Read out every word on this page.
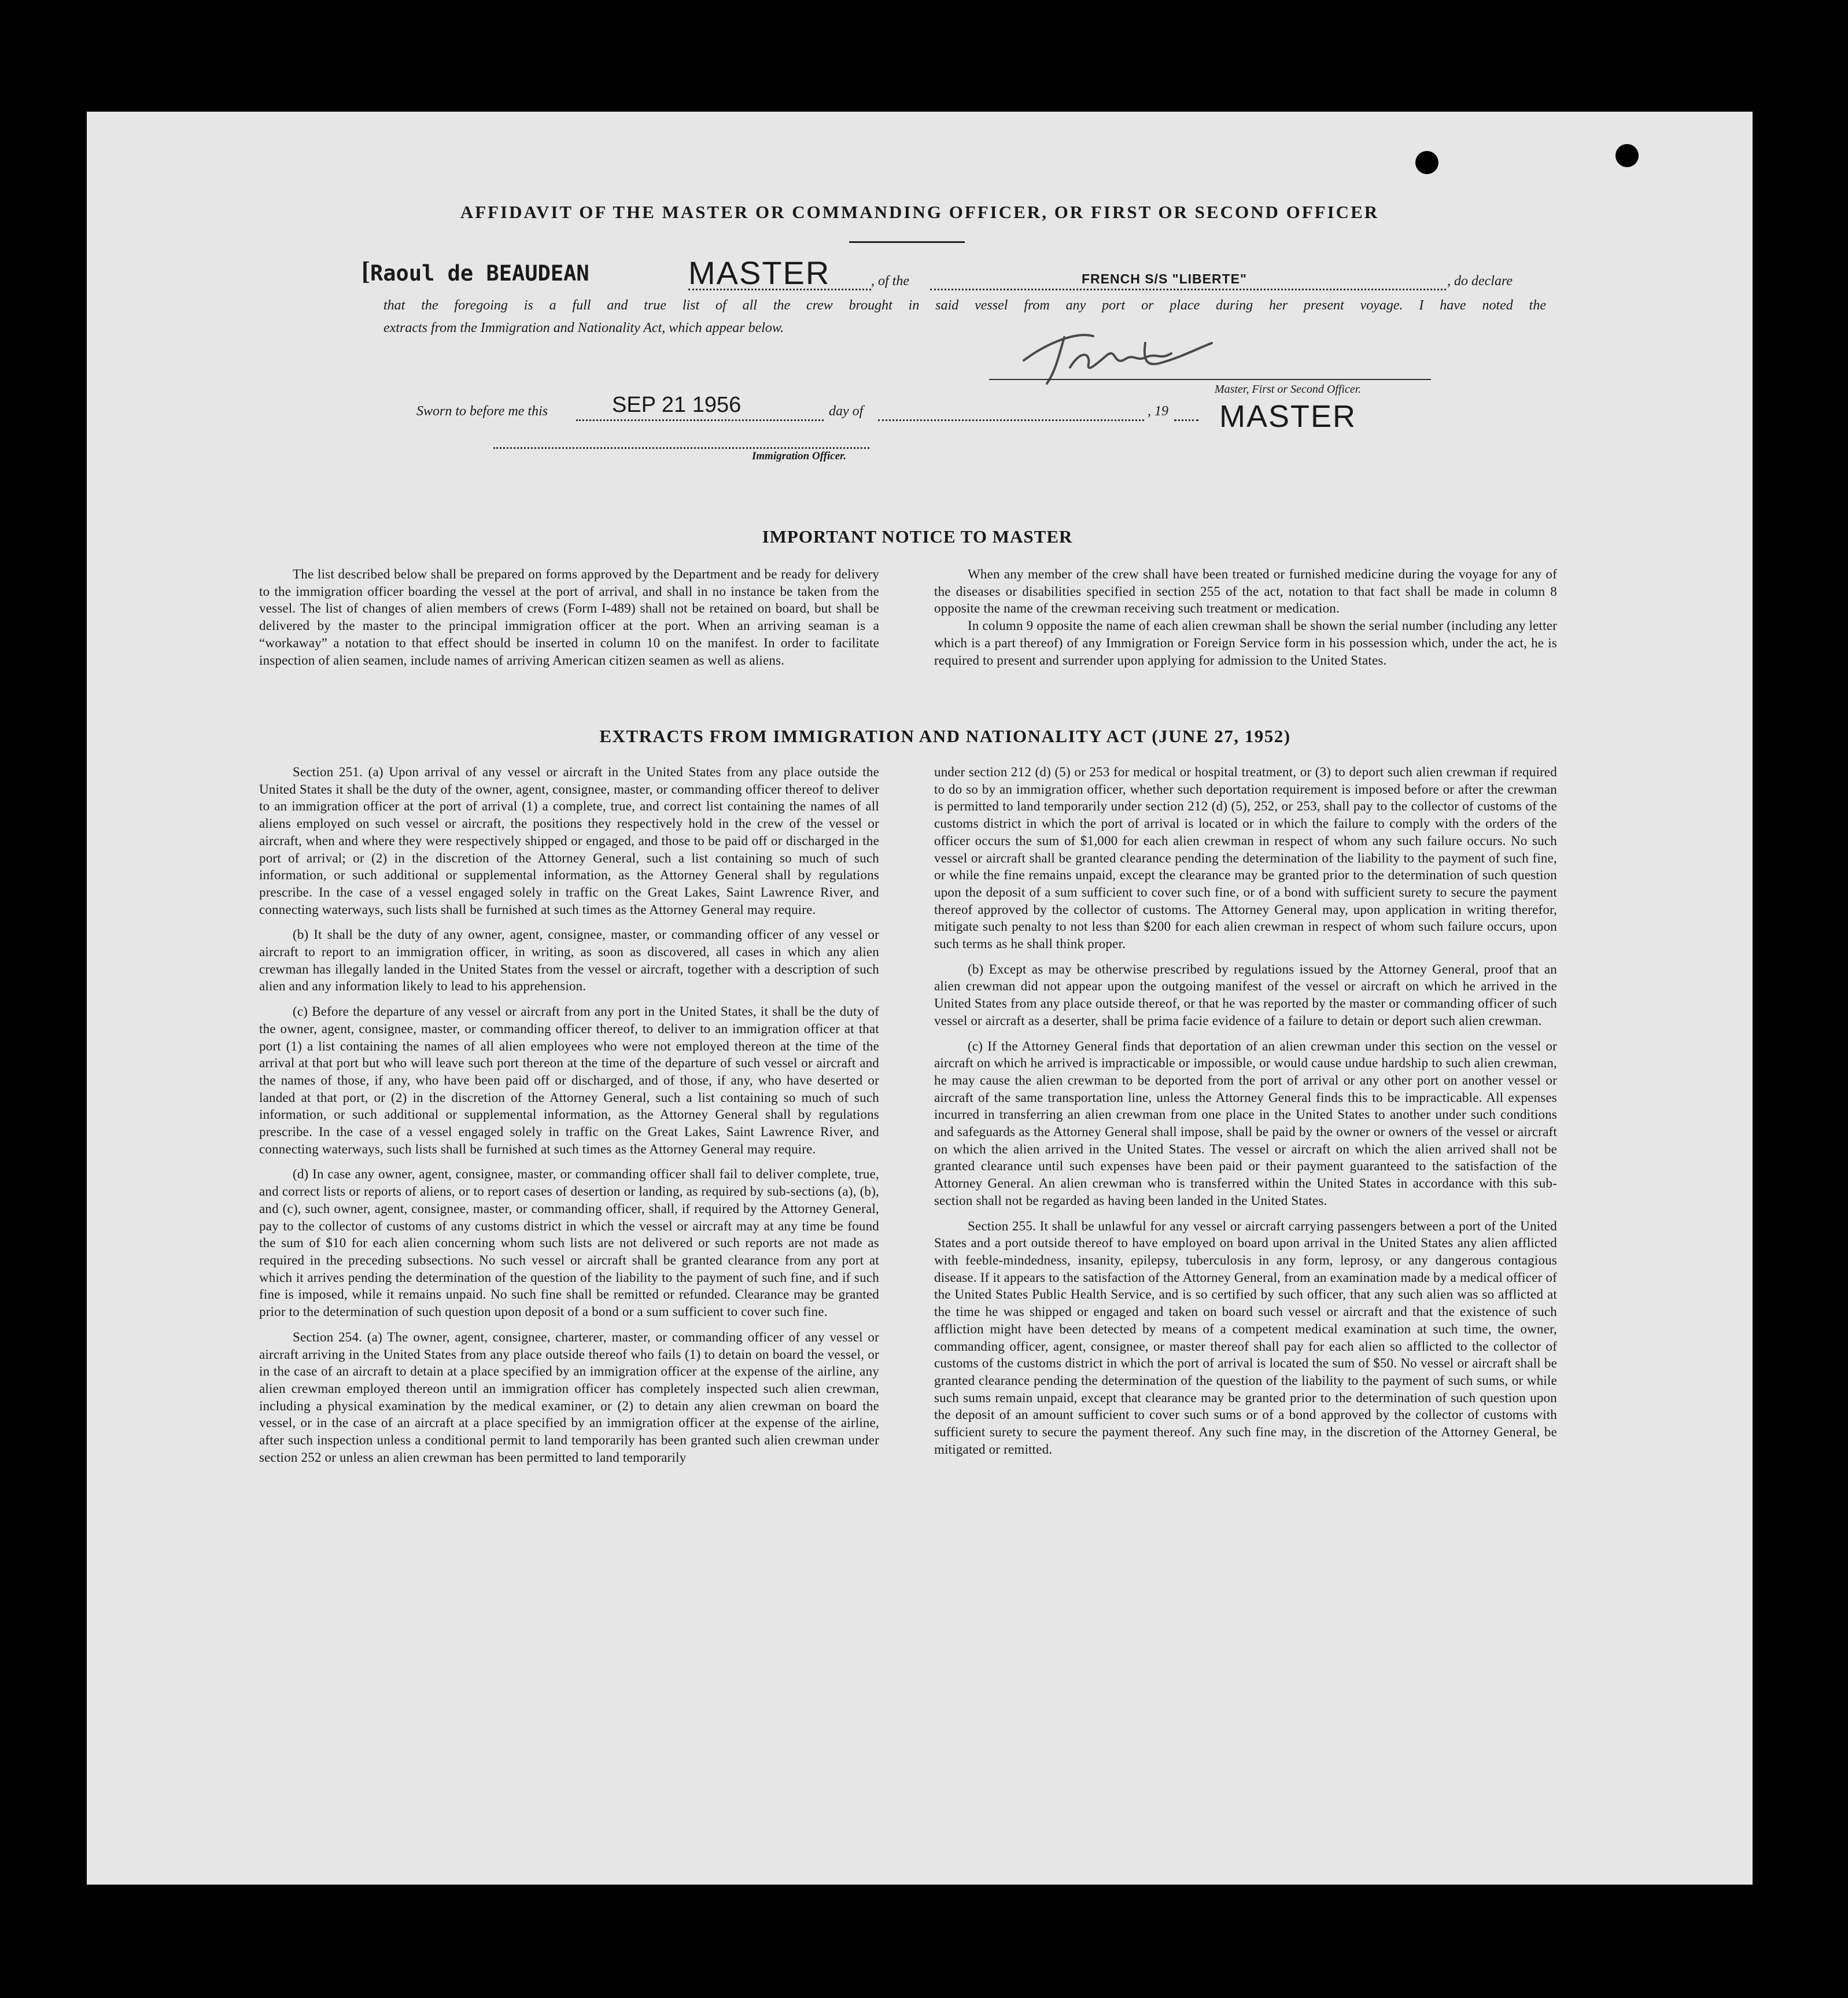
AFFIDAVIT OF THE MASTER OR COMMANDING OFFICER, OR FIRST OR SECOND OFFICER
[ Raoul de BEAUDEAN	MASTER	, of the	FRENCH S/S "LIBERTE"	, do declare
that the foregoing is a full and true list of all the crew brought in said vessel from any port or place during her present voyage. I have noted the
extracts from the Immigration and Nationality Act, which appear below.
Master, First or Second Officer.
MASTER
Sworn to before me this	SEP 21 1956	day of	, 19
Immigration Officer.
IMPORTANT NOTICE TO MASTER

The list described below shall be prepared on forms approved by the Department and be ready for delivery to the immigration officer boarding the vessel at the port of arrival, and shall in no instance be taken from the vessel. The list of changes of alien members of crews (Form I-489) shall not be retained on board, but shall be delivered by the master to the principal immigration officer at the port. When an arriving seaman is a “workaway” a notation to that effect should be inserted in column 10 on the manifest. In order to facilitate inspection of alien seamen, include names of arriving American citizen seamen as well as aliens.

When any member of the crew shall have been treated or furnished medicine during the voyage for any of the diseases or disabilities specified in section 255 of the act, notation to that fact shall be made in column 8 opposite the name of the crewman receiving such treatment or medication.

In column 9 opposite the name of each alien crewman shall be shown the serial number (including any letter which is a part thereof) of any Immigration or Foreign Service form in his possession which, under the act, he is required to present and surrender upon applying for admission to the United States.

EXTRACTS FROM IMMIGRATION AND NATIONALITY ACT (JUNE 27, 1952)

Section 251. (a) Upon arrival of any vessel or aircraft in the United States from any place outside the United States it shall be the duty of the owner, agent, consignee, master, or commanding officer thereof to deliver to an immigration officer at the port of arrival (1) a complete, true, and correct list containing the names of all aliens employed on such vessel or aircraft, the positions they respectively hold in the crew of the vessel or aircraft, when and where they were respectively shipped or engaged, and those to be paid off or discharged in the port of arrival; or (2) in the discretion of the Attorney General, such a list containing so much of such information, or such additional or supplemental information, as the Attorney General shall by regulations prescribe. In the case of a vessel engaged solely in traffic on the Great Lakes, Saint Lawrence River, and connecting waterways, such lists shall be furnished at such times as the Attorney General may require.

(b) It shall be the duty of any owner, agent, consignee, master, or commanding officer of any vessel or aircraft to report to an immigration officer, in writing, as soon as discovered, all cases in which any alien crewman has illegally landed in the United States from the vessel or aircraft, together with a description of such alien and any information likely to lead to his apprehension.

(c) Before the departure of any vessel or aircraft from any port in the United States, it shall be the duty of the owner, agent, consignee, master, or commanding officer thereof, to deliver to an immigration officer at that port (1) a list containing the names of all alien employees who were not employed thereon at the time of the arrival at that port but who will leave such port thereon at the time of the departure of such vessel or aircraft and the names of those, if any, who have been paid off or discharged, and of those, if any, who have deserted or landed at that port, or (2) in the discretion of the Attorney General, such a list containing so much of such information, or such additional or supplemental information, as the Attorney General shall by regulations prescribe. In the case of a vessel engaged solely in traffic on the Great Lakes, Saint Lawrence River, and connecting waterways, such lists shall be furnished at such times as the Attorney General may require.

(d) In case any owner, agent, consignee, master, or commanding officer shall fail to deliver complete, true, and correct lists or reports of aliens, or to report cases of desertion or landing, as required by sub-sections (a), (b), and (c), such owner, agent, consignee, master, or commanding officer, shall, if required by the Attorney General, pay to the collector of customs of any customs district in which the vessel or aircraft may at any time be found the sum of $10 for each alien concerning whom such lists are not delivered or such reports are not made as required in the preceding subsections. No such vessel or aircraft shall be granted clearance from any port at which it arrives pending the determination of the question of the liability to the payment of such fine, and if such fine is imposed, while it remains unpaid. No such fine shall be remitted or refunded. Clearance may be granted prior to the determination of such question upon deposit of a bond or a sum sufficient to cover such fine.

Section 254. (a) The owner, agent, consignee, charterer, master, or commanding officer of any vessel or aircraft arriving in the United States from any place outside thereof who fails (1) to detain on board the vessel, or in the case of an aircraft to detain at a place specified by an immigration officer at the expense of the airline, any alien crewman employed thereon until an immigration officer has completely inspected such alien crewman, including a physical examination by the medical examiner, or (2) to detain any alien crewman on board the vessel, or in the case of an aircraft at a place specified by an immigration officer at the expense of the airline, after such inspection unless a conditional permit to land temporarily has been granted such alien crewman under section 252 or unless an alien crewman has been permitted to land temporarily

under section 212 (d) (5) or 253 for medical or hospital treatment, or (3) to deport such alien crewman if required to do so by an immigration officer, whether such deportation requirement is imposed before or after the crewman is permitted to land temporarily under section 212 (d) (5), 252, or 253, shall pay to the collector of customs of the customs district in which the port of arrival is located or in which the failure to comply with the orders of the officer occurs the sum of $1,000 for each alien crewman in respect of whom any such failure occurs. No such vessel or aircraft shall be granted clearance pending the determination of the liability to the payment of such fine, or while the fine remains unpaid, except the clearance may be granted prior to the determination of such question upon the deposit of a sum sufficient to cover such fine, or of a bond with sufficient surety to secure the payment thereof approved by the collector of customs. The Attorney General may, upon application in writing therefor, mitigate such penalty to not less than $200 for each alien crewman in respect of whom such failure occurs, upon such terms as he shall think proper.

(b) Except as may be otherwise prescribed by regulations issued by the Attorney General, proof that an alien crewman did not appear upon the outgoing manifest of the vessel or aircraft on which he arrived in the United States from any place outside thereof, or that he was reported by the master or commanding officer of such vessel or aircraft as a deserter, shall be prima facie evidence of a failure to detain or deport such alien crewman.

(c) If the Attorney General finds that deportation of an alien crewman under this section on the vessel or aircraft on which he arrived is impracticable or impossible, or would cause undue hardship to such alien crewman, he may cause the alien crewman to be deported from the port of arrival or any other port on another vessel or aircraft of the same transportation line, unless the Attorney General finds this to be impracticable. All expenses incurred in transferring an alien crewman from one place in the United States to another under such conditions and safeguards as the Attorney General shall impose, shall be paid by the owner or owners of the vessel or aircraft on which the alien arrived in the United States. The vessel or aircraft on which the alien arrived shall not be granted clearance until such expenses have been paid or their payment guaranteed to the satisfaction of the Attorney General. An alien crewman who is transferred within the United States in accordance with this sub-section shall not be regarded as having been landed in the United States.

Section 255. It shall be unlawful for any vessel or aircraft carrying passengers between a port of the United States and a port outside thereof to have employed on board upon arrival in the United States any alien afflicted with feeble-mindedness, insanity, epilepsy, tuberculosis in any form, leprosy, or any dangerous contagious disease. If it appears to the satisfaction of the Attorney General, from an examination made by a medical officer of the United States Public Health Service, and is so certified by such officer, that any such alien was so afflicted at the time he was shipped or engaged and taken on board such vessel or aircraft and that the existence of such affliction might have been detected by means of a competent medical examination at such time, the owner, commanding officer, agent, consignee, or master thereof shall pay for each alien so afflicted to the collector of customs of the customs district in which the port of arrival is located the sum of $50. No vessel or aircraft shall be granted clearance pending the determination of the question of the liability to the payment of such sums, or while such sums remain unpaid, except that clearance may be granted prior to the determination of such question upon the deposit of an amount sufficient to cover such sums or of a bond approved by the collector of customs with sufficient surety to secure the payment thereof. Any such fine may, in the discretion of the Attorney General, be mitigated or remitted.
